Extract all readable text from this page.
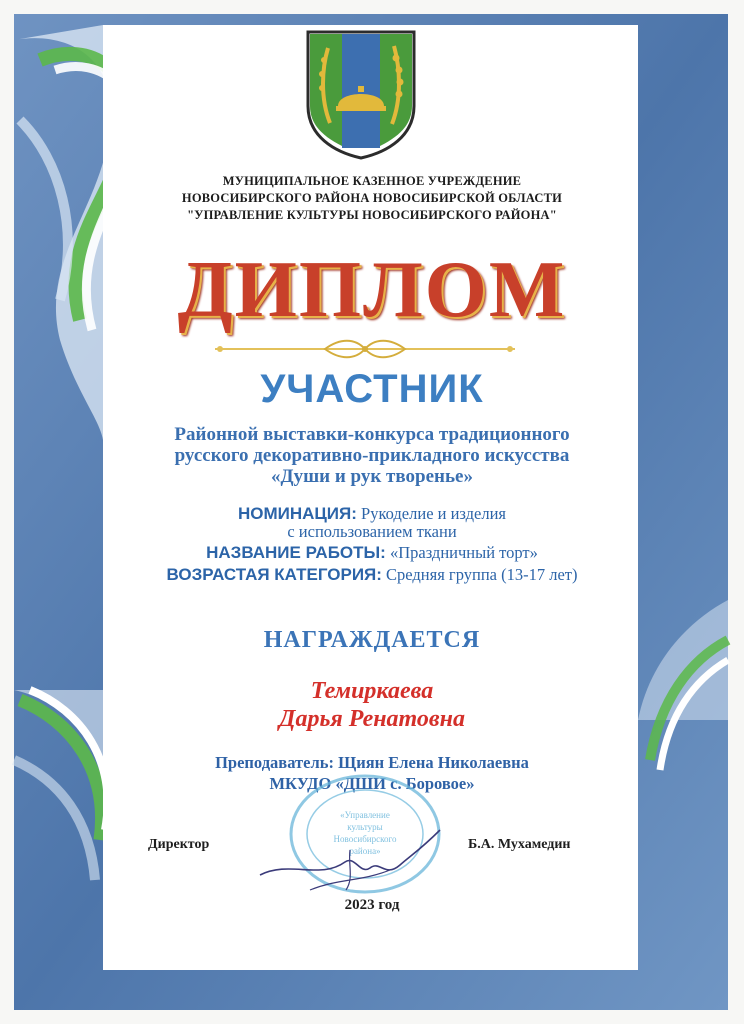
МУНИЦИПАЛЬНОЕ КАЗЕННОЕ УЧРЕЖДЕНИЕ
НОВОСИБИРСКОГО РАЙОНА НОВОСИБИРСКОЙ ОБЛАСТИ
"УПРАВЛЕНИЕ КУЛЬТУРЫ НОВОСИБИРСКОГО РАЙОНА"
ДИПЛОМ
УЧАСТНИК
Районной выставки-конкурса традиционного
русского декоративно-прикладного искусства
«Души и рук творенье»
НОМИНАЦИЯ: Рукоделие и изделия
с использованием ткани
НАЗВАНИЕ РАБОТЫ: «Праздничный торт»
ВОЗРАСТАЯ КАТЕГОРИЯ: Средняя группа (13-17 лет)
НАГРАЖДАЕТСЯ
Темиркаева
Дарья Ренатовна
Преподаватель: Щиян Елена Николаевна
МКУДО «ДШИ с. Боровое»
«Управление
культуры
Новосибирского
района»
Директор	Б.А. Мухамедин
2023 год
